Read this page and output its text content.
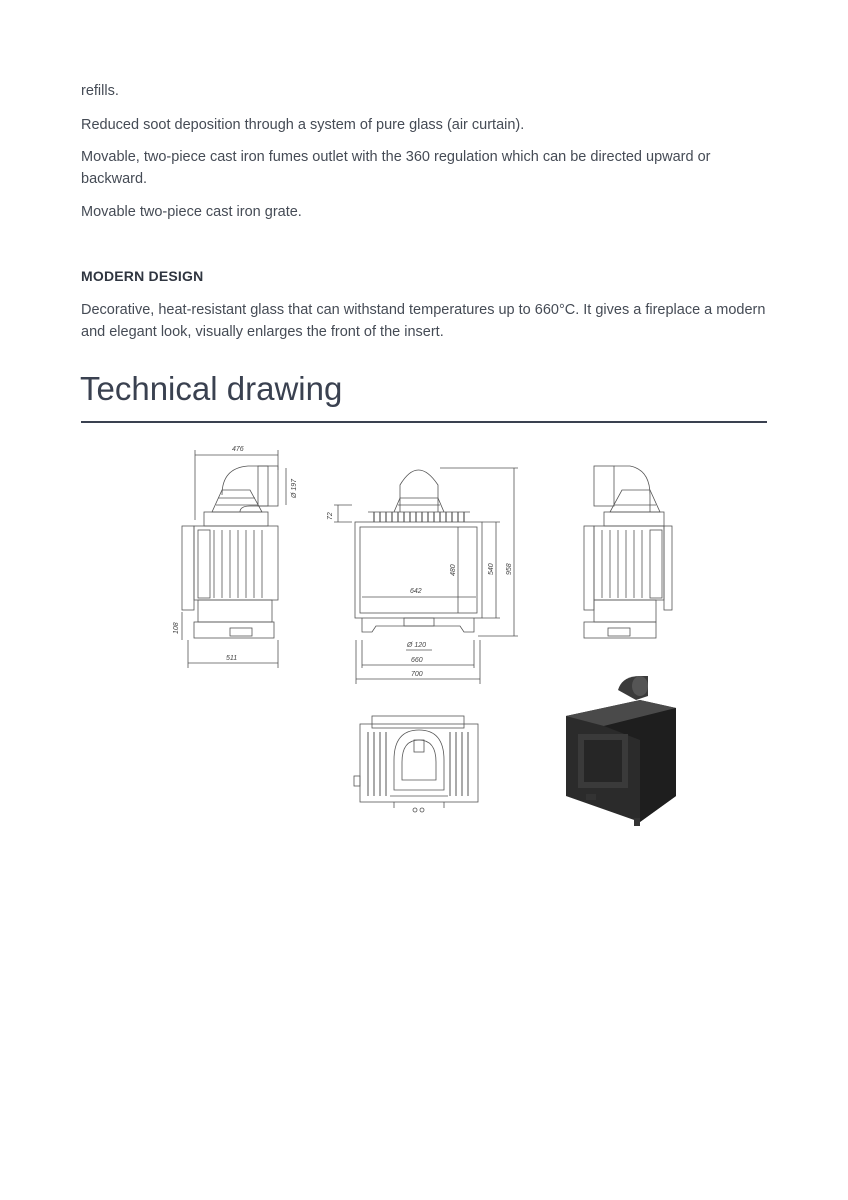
refills.

Reduced soot deposition through a system of pure glass (air curtain).

Movable, two-piece cast iron fumes outlet with the 360 regulation which can be directed upward or backward.

Movable two-piece cast iron grate.

MODERN DESIGN

Decorative, heat-resistant glass that can withstand temperatures up to 660°C. It gives a fireplace a modern and elegant look, visually enlarges the front of the insert.

Technical drawing
476
Ø 197
511
108
72
642
480	540 958
Ø 120
660
700
